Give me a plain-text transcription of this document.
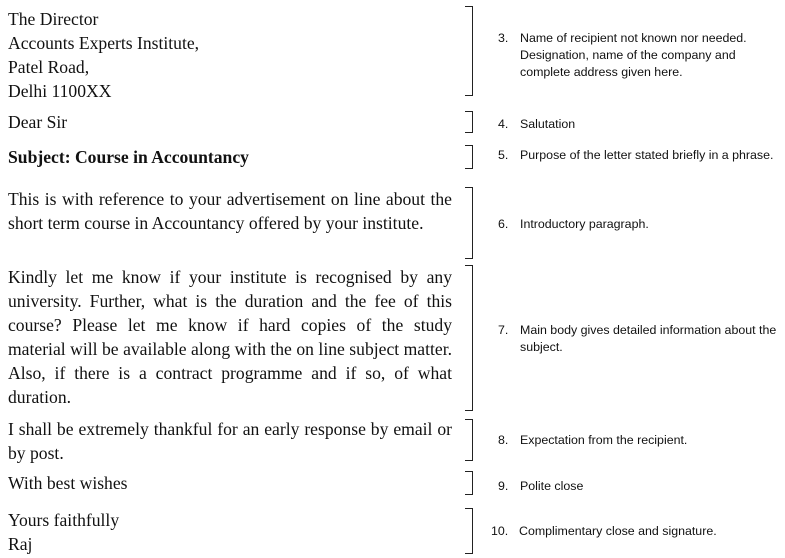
The Director
Accounts Experts Institute,
Patel Road,
Delhi 1100XX
Dear Sir
Subject: Course in Accountancy
This is with reference to your advertisement on line about the short term course in Accountancy offered by your institute.
Kindly let me know if your institute is recognised by any university. Further, what is the duration and the fee of this course? Please let me know if hard copies of the study material will be available along with the on line subject matter. Also, if there is a contract programme and if so, of what duration.
I shall be extremely thankful for an early response by email or by post.
With best wishes
Yours faithfully
Raj
3. Name of recipient not known nor needed. Designation, name of the company and complete address given here.
4. Salutation
5. Purpose of the letter stated briefly in a phrase.
6. Introductory paragraph.
7. Main body gives detailed information about the subject.
8. Expectation from the recipient.
9. Polite close
10. Complimentary close and signature.
